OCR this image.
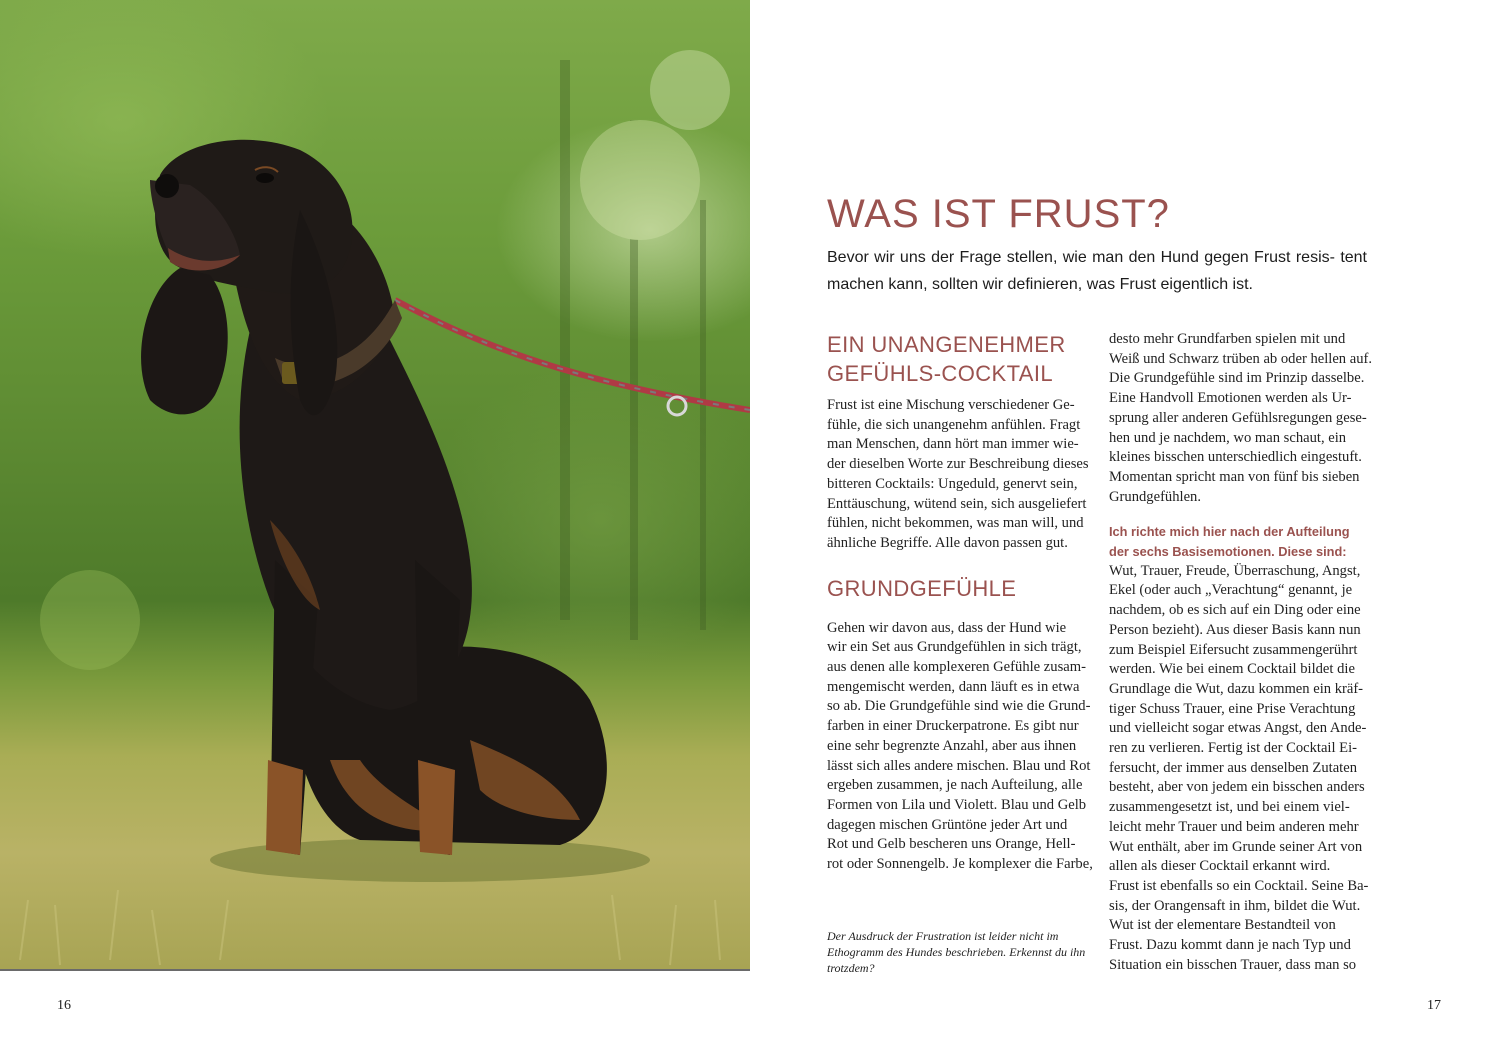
16
WAS IST FRUST?

Bevor wir uns der Frage stellen, wie man den Hund gegen Frust resis- tent machen kann, sollten wir definieren, was Frust eigentlich ist.

EIN UNANGENEHMER
GEFÜHLS-COCKTAIL

Frust ist eine Mischung verschiedener Ge-
fühle, die sich unangenehm anfühlen. Fragt
man Menschen, dann hört man immer wie-
der dieselben Worte zur Beschreibung dieses
bitteren Cocktails: Ungeduld, genervt sein,
Enttäuschung, wütend sein, sich ausgeliefert
fühlen, nicht bekommen, was man will, und
ähnliche Begriffe. Alle davon passen gut.

GRUNDGEFÜHLE

Gehen wir davon aus, dass der Hund wie
wir ein Set aus Grundgefühlen in sich trägt,
aus denen alle komplexeren Gefühle zusam-
mengemischt werden, dann läuft es in etwa
so ab. Die Grundgefühle sind wie die Grund-
farben in einer Druckerpatrone. Es gibt nur
eine sehr begrenzte Anzahl, aber aus ihnen
lässt sich alles andere mischen. Blau und Rot
ergeben zusammen, je nach Aufteilung, alle
Formen von Lila und Violett. Blau und Gelb
dagegen mischen Grüntöne jeder Art und
Rot und Gelb bescheren uns Orange, Hell-
rot oder Sonnengelb. Je komplexer die Farbe,

Der Ausdruck der Frustration ist leider nicht im Ethogramm des Hundes beschrieben. Erkennst du ihn trotzdem?

desto mehr Grundfarben spielen mit und
Weiß und Schwarz trüben ab oder hellen auf.
Die Grundgefühle sind im Prinzip dasselbe.
Eine Handvoll Emotionen werden als Ur-
sprung aller anderen Gefühlsregungen gese-
hen und je nachdem, wo man schaut, ein
kleines bisschen unterschiedlich eingestuft.
Momentan spricht man von fünf bis sieben
Grundgefühlen.

Ich richte mich hier nach der Aufteilung
der sechs Basisemotionen. Diese sind:

Wut, Trauer, Freude, Überraschung, Angst,
Ekel (oder auch „Verachtung“ genannt, je
nachdem, ob es sich auf ein Ding oder eine
Person bezieht). Aus dieser Basis kann nun
zum Beispiel Eifersucht zusammengerührt
werden. Wie bei einem Cocktail bildet die
Grundlage die Wut, dazu kommen ein kräf-
tiger Schuss Trauer, eine Prise Verachtung
und vielleicht sogar etwas Angst, den Ande-
ren zu verlieren. Fertig ist der Cocktail Ei-
fersucht, der immer aus denselben Zutaten
besteht, aber von jedem ein bisschen anders
zusammengesetzt ist, und bei einem viel-
leicht mehr Trauer und beim anderen mehr
Wut enthält, aber im Grunde seiner Art von
allen als dieser Cocktail erkannt wird.
Frust ist ebenfalls so ein Cocktail. Seine Ba-
sis, der Orangensaft in ihm, bildet die Wut.
Wut ist der elementare Bestandteil von
Frust. Dazu kommt dann je nach Typ und
Situation ein bisschen Trauer, dass man so

17
